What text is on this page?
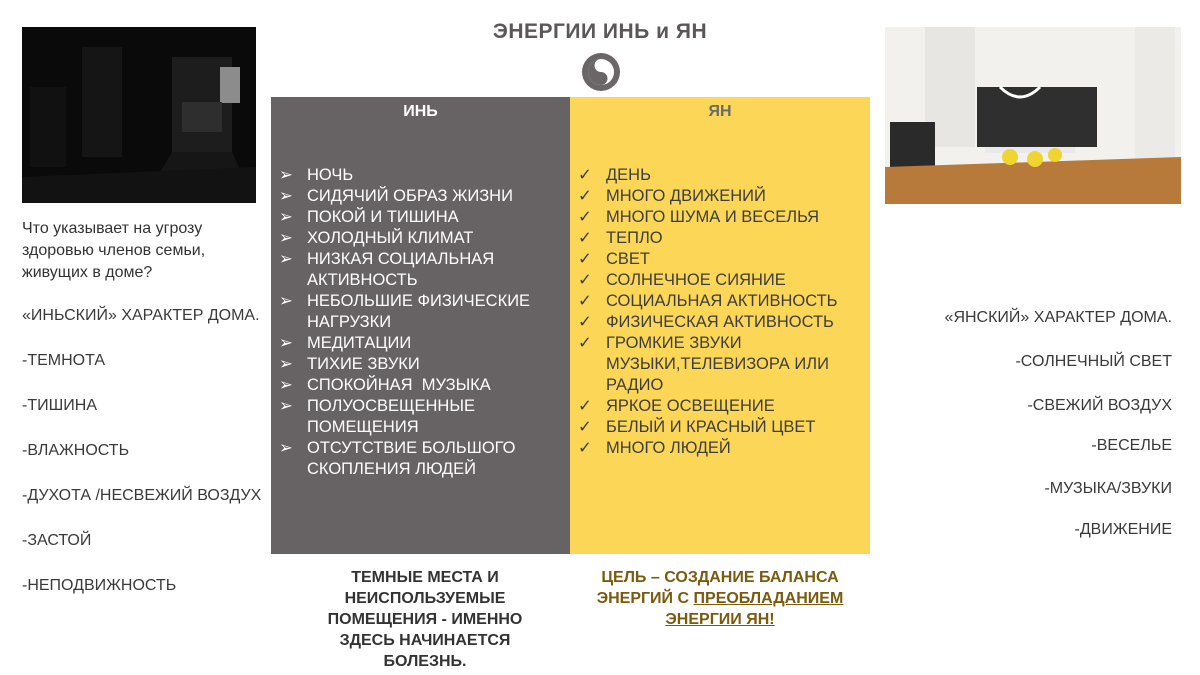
ЭНЕРГИИ ИНЬ и ЯН
Что указывает на угрозу здоровью членов семьи, живущих в доме?
«ИНЬСКИЙ» ХАРАКТЕР ДОМА.
-ТЕМНОТА
-ТИШИНА
-ВЛАЖНОСТЬ
-ДУХОТА /НЕСВЕЖИЙ ВОЗДУХ
-ЗАСТОЙ
-НЕПОДВИЖНОСТЬ
«ЯНСКИЙ» ХАРАКТЕР ДОМА.
-СОЛНЕЧНЫЙ СВЕТ
-СВЕЖИЙ ВОЗДУХ
-ВЕСЕЛЬЕ
-МУЗЫКА/ЗВУКИ
-ДВИЖЕНИЕ
ИНЬ
➢ НОЧЬ
➢ СИДЯЧИЙ ОБРАЗ ЖИЗНИ
➢ ПОКОЙ И ТИШИНА
➢ ХОЛОДНЫЙ КЛИМАТ
➢ НИЗКАЯ СОЦИАЛЬНАЯ АКТИВНОСТЬ
➢ НЕБОЛЬШИЕ ФИЗИЧЕСКИЕ НАГРУЗКИ
➢ МЕДИТАЦИИ
➢ ТИХИЕ ЗВУКИ
➢ СПОКОЙНАЯ  МУЗЫКА
➢ ПОЛУОСВЕЩЕННЫЕ ПОМЕЩЕНИЯ
➢ ОТСУТСТВИЕ БОЛЬШОГО СКОПЛЕНИЯ ЛЮДЕЙ
ЯН
✓ ДЕНЬ
✓ МНОГО ДВИЖЕНИЙ
✓ МНОГО ШУМА И ВЕСЕЛЬЯ
✓ ТЕПЛО
✓ СВЕТ
✓ СОЛНЕЧНОЕ СИЯНИЕ
✓ СОЦИАЛЬНАЯ АКТИВНОСТЬ
✓ ФИЗИЧЕСКАЯ АКТИВНОСТЬ
✓ ГРОМКИЕ ЗВУКИ МУЗЫКИ,ТЕЛЕВИЗОРА ИЛИ РАДИО
✓ ЯРКОЕ ОСВЕЩЕНИЕ
✓ БЕЛЫЙ И КРАСНЫЙ ЦВЕТ
✓ МНОГО ЛЮДЕЙ
ТЕМНЫЕ МЕСТА И НЕИСПОЛЬЗУЕМЫЕ ПОМЕЩЕНИЯ - ИМЕННО ЗДЕСЬ НАЧИНАЕТСЯ БОЛЕЗНЬ.
ЦЕЛЬ – СОЗДАНИЕ БАЛАНСА ЭНЕРГИЙ С ПРЕОБЛАДАНИЕМ ЭНЕРГИИ ЯН!
